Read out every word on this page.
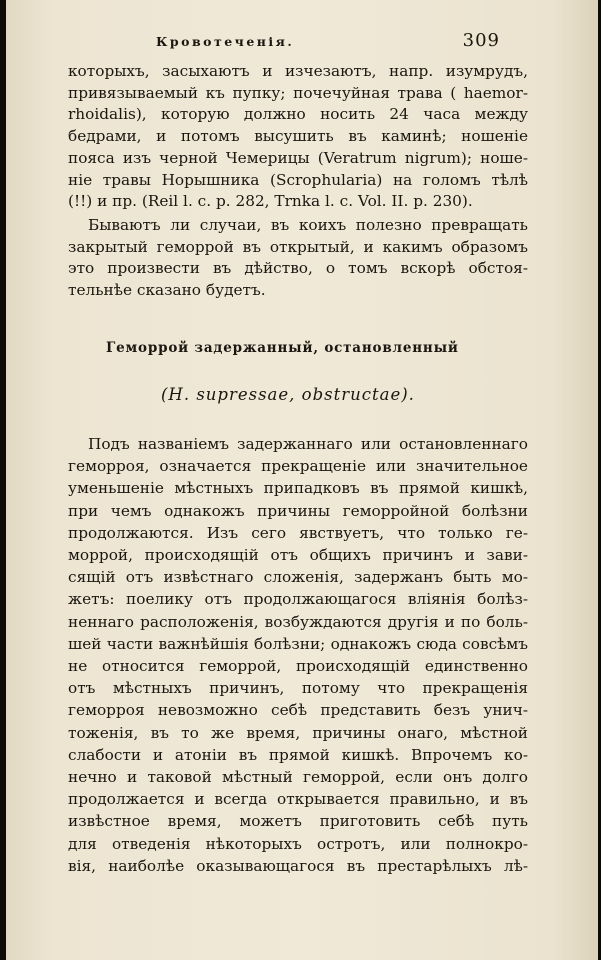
Кровотеченія.	309
которыхъ, засыхаютъ и изчезаютъ, напр. изумрудъ,
привязываемый къ пупку; почечуйная трава ( haemor-
rhoidalis), которую должно носить 24 часа между
бедрами, и потомъ высушить въ каминѣ; ношеніе
пояса изъ черной Чемерицы (Veratrum nigrum); ноше-
ніе травы Норышника (Scrophularia) на голомъ тѣлѣ
(!!) и пр. (Reil l. c. p. 282, Trnka l. c. Vol. II. p. 230).
Бываютъ ли случаи, въ коихъ полезно превращать
закрытый геморрой въ открытый, и какимъ образомъ
это произвести въ дѣйство, о томъ вскорѣ обстоя-
тельнѣе сказано будетъ.
Геморрой задержанный, остановленный
(H. supressae, obstructae).
Подъ названіемъ задержаннаго или остановленнаго
геморроя, означается прекращеніе или значительное
уменьшеніе мѣстныхъ припадковъ въ прямой кишкѣ,
при чемъ однакожъ причины геморройной болѣзни
продолжаются. Изъ сего явствуетъ, что только ге-
моррой, происходящій отъ общихъ причинъ и зави-
сящій отъ извѣстнаго сложенія, задержанъ быть мо-
жетъ: поелику отъ продолжающагося вліянія болѣз-
неннаго расположенія, возбуждаются другія и по боль-
шей части важнѣйшія болѣзни; однакожъ сюда совсѣмъ
не относится геморрой, происходящій единственно
отъ мѣстныхъ причинъ, потому что прекращенія
геморроя невозможно себѣ представить безъ унич-
тоженія, въ то же время, причины онаго, мѣстной
слабости и атоніи въ прямой кишкѣ. Впрочемъ ко-
нечно и таковой мѣстный геморрой, если онъ долго
продолжается и всегда открывается правильно, и въ
извѣстное время, можетъ приготовить себѣ путь
для отведенія нѣкоторыхъ остротъ, или полнокро-
вія, наиболѣе оказывающагося въ престарѣлыхъ лѣ-
